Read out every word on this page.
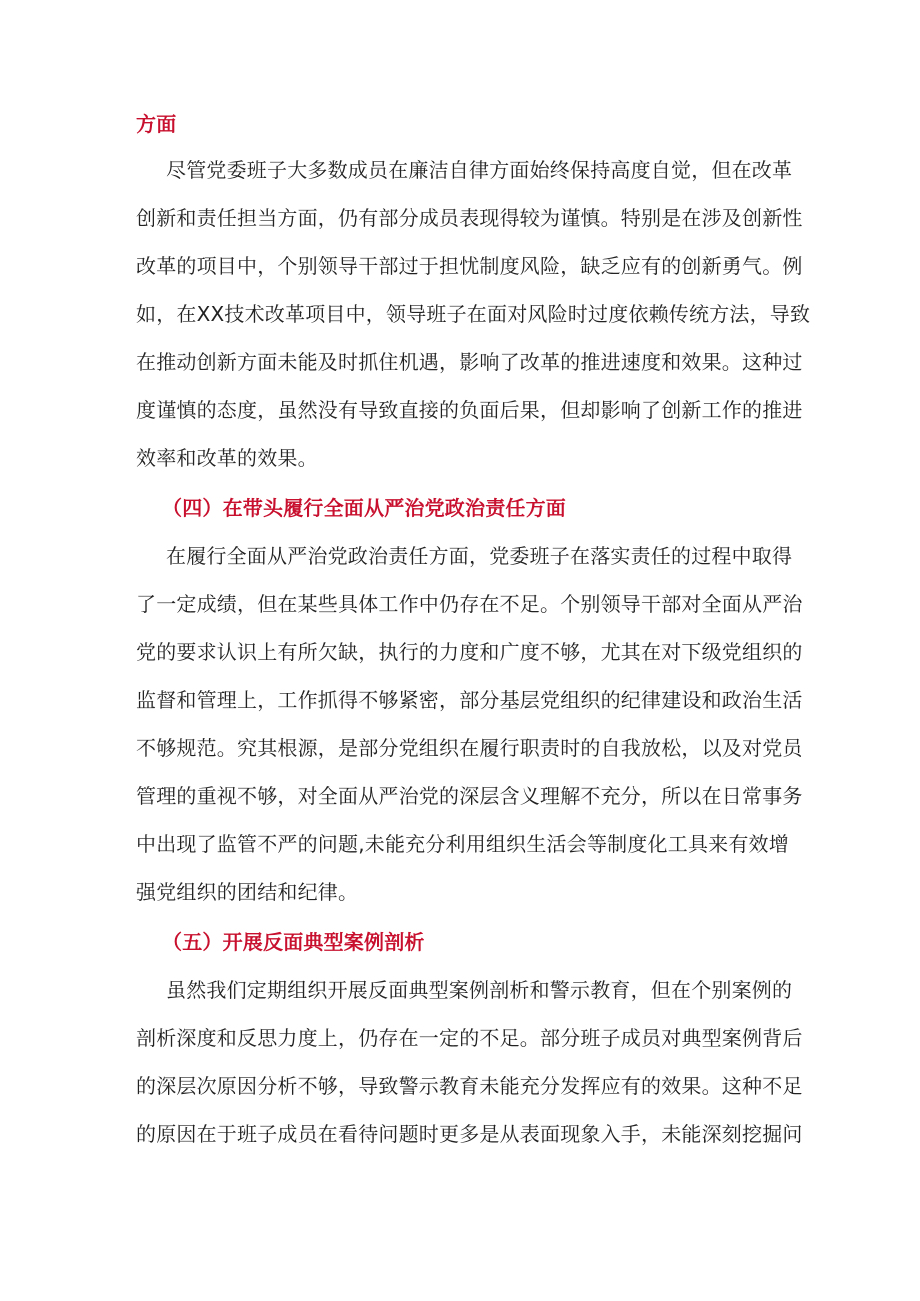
方面
尽管党委班子大多数成员在廉洁自律方面始终保持高度自觉，但在改革
创新和责任担当方面，仍有部分成员表现得较为谨慎。特别是在涉及创新性
改革的项目中，个别领导干部过于担忧制度风险，缺乏应有的创新勇气。例
如，在XX技术改革项目中，领导班子在面对风险时过度依赖传统方法，导致
在推动创新方面未能及时抓住机遇，影响了改革的推进速度和效果。这种过
度谨慎的态度，虽然没有导致直接的负面后果，但却影响了创新工作的推进
效率和改革的效果。
（四）在带头履行全面从严治党政治责任方面
在履行全面从严治党政治责任方面，党委班子在落实责任的过程中取得
了一定成绩，但在某些具体工作中仍存在不足。个别领导干部对全面从严治
党的要求认识上有所欠缺，执行的力度和广度不够，尤其在对下级党组织的
监督和管理上，工作抓得不够紧密，部分基层党组织的纪律建设和政治生活
不够规范。究其根源，是部分党组织在履行职责时的自我放松，以及对党员
管理的重视不够，对全面从严治党的深层含义理解不充分，所以在日常事务
中出现了监管不严的问题,未能充分利用组织生活会等制度化工具来有效增
强党组织的团结和纪律。
（五）开展反面典型案例剖析
虽然我们定期组织开展反面典型案例剖析和警示教育，但在个别案例的
剖析深度和反思力度上，仍存在一定的不足。部分班子成员对典型案例背后
的深层次原因分析不够，导致警示教育未能充分发挥应有的效果。这种不足
的原因在于班子成员在看待问题时更多是从表面现象入手，未能深刻挖掘问
